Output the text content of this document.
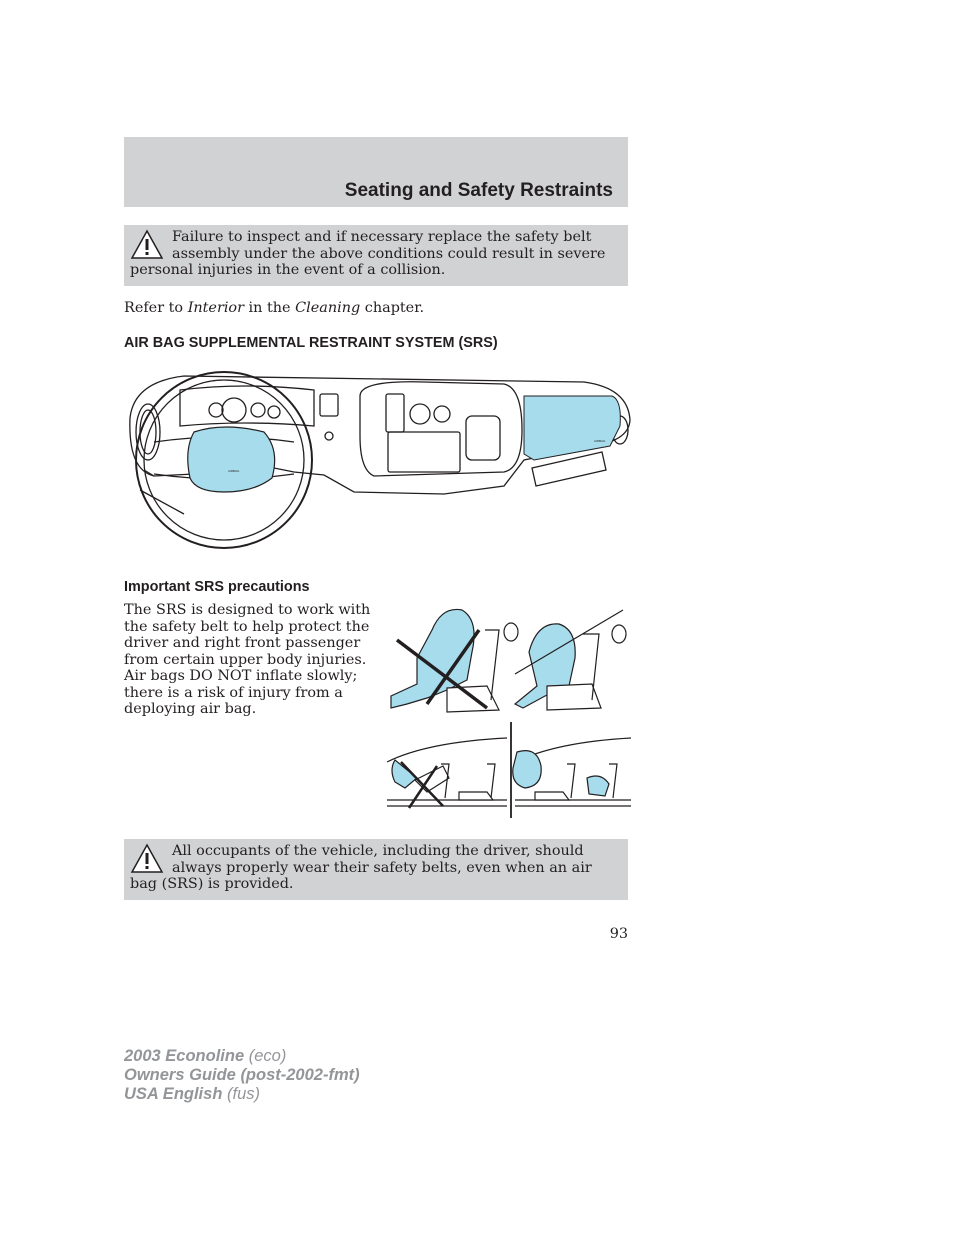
Seating and Safety Restraints
Failure to inspect and if necessary replace the safety belt assembly under the above conditions could result in severe personal injuries in the event of a collision.
Refer to Interior in the Cleaning chapter.
AIR BAG SUPPLEMENTAL RESTRAINT SYSTEM (SRS)
AIRBAG
AIRBAG
Important SRS precautions

The SRS is designed to work with the safety belt to help protect the driver and right front passenger from certain upper body injuries. Air bags DO NOT inflate slowly; there is a risk of injury from a deploying air bag.

All occupants of the vehicle, including the driver, should always properly wear their safety belts, even when an air bag (SRS) is provided.
93
2003 Econoline (eco)
Owners Guide (post-2002-fmt)
USA English (fus)
